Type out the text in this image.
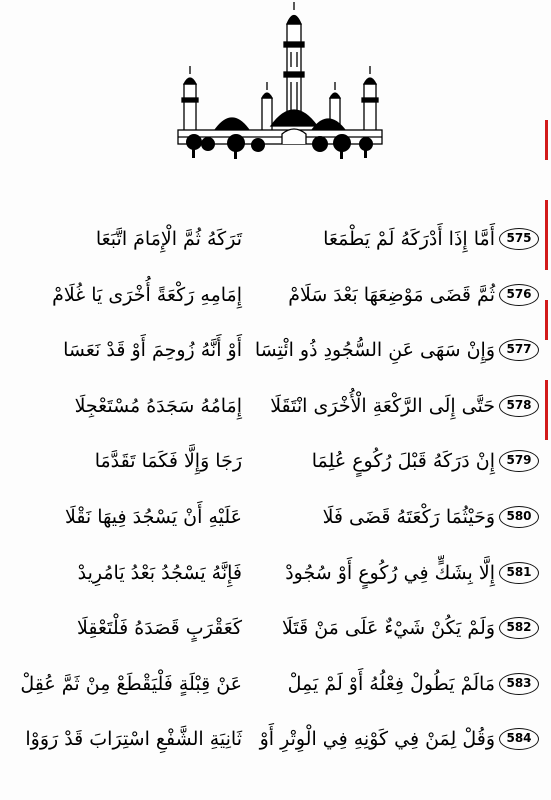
575
أَمَّا إِذَا أَدْرَكَهُ لَمْ يَطْمَعَا
تَرَكَهُ ثُمَّ الْإِمَامَ اتَّبَعَا
576
ثُمَّ قَضَى مَوْضِعَهَا بَعْدَ سَلَامْ
إِمَامِهِ رَكْعَةً أُخْرَى يَا غُلَامْ
577
وَإِنْ سَهَى عَنِ السُّجُودِ ذُو ائْتِسَا
أَوْ أَنَّهُ زُوحِمَ أَوْ قَدْ نَعَسَا
578
حَتَّى إِلَى الرَّكْعَةِ الْأُخْرَى انْتَقَلَا
إِمَامُهُ سَجَدَهُ مُسْتَعْجِلَا
579
إِنْ دَرَكَهُ قَبْلَ رُكُوعٍ عُلِمَا
رَجَا وَإِلَّا فَكَمَا تَقَدَّمَا
580
وَحَيْثُمَا رَكْعَتَهُ قَضَى فَلَا
عَلَيْهِ أَنْ يَسْجُدَ فِيهَا نَقْلَا
581
إِلَّا بِشَكٍّ فِي رُكُوعٍ أَوْ سُجُودْ
فَإِنَّهُ يَسْجُدُ بَعْدُ يَامُرِيدْ
582
وَلَمْ يَكُنْ شَيْءٌ عَلَى مَنْ قَتَلَا
كَعَقْرَبٍ قَصَدَهُ فَلْتَعْقِلَا
583
مَالَمْ يَطُولْ فِعْلُهُ أَوْ لَمْ يَمِلْ
عَنْ قِبْلَةٍ فَلْيَقْطَعْ مِنْ ثَمَّ عُقِلْ
584
وَقُلْ لِمَنْ فِي كَوْنِهِ فِي الْوِتْرِ أَوْ
ثَانِيَةِ الشَّفْعِ اسْتِرَابَ قَدْ رَوَوْا
